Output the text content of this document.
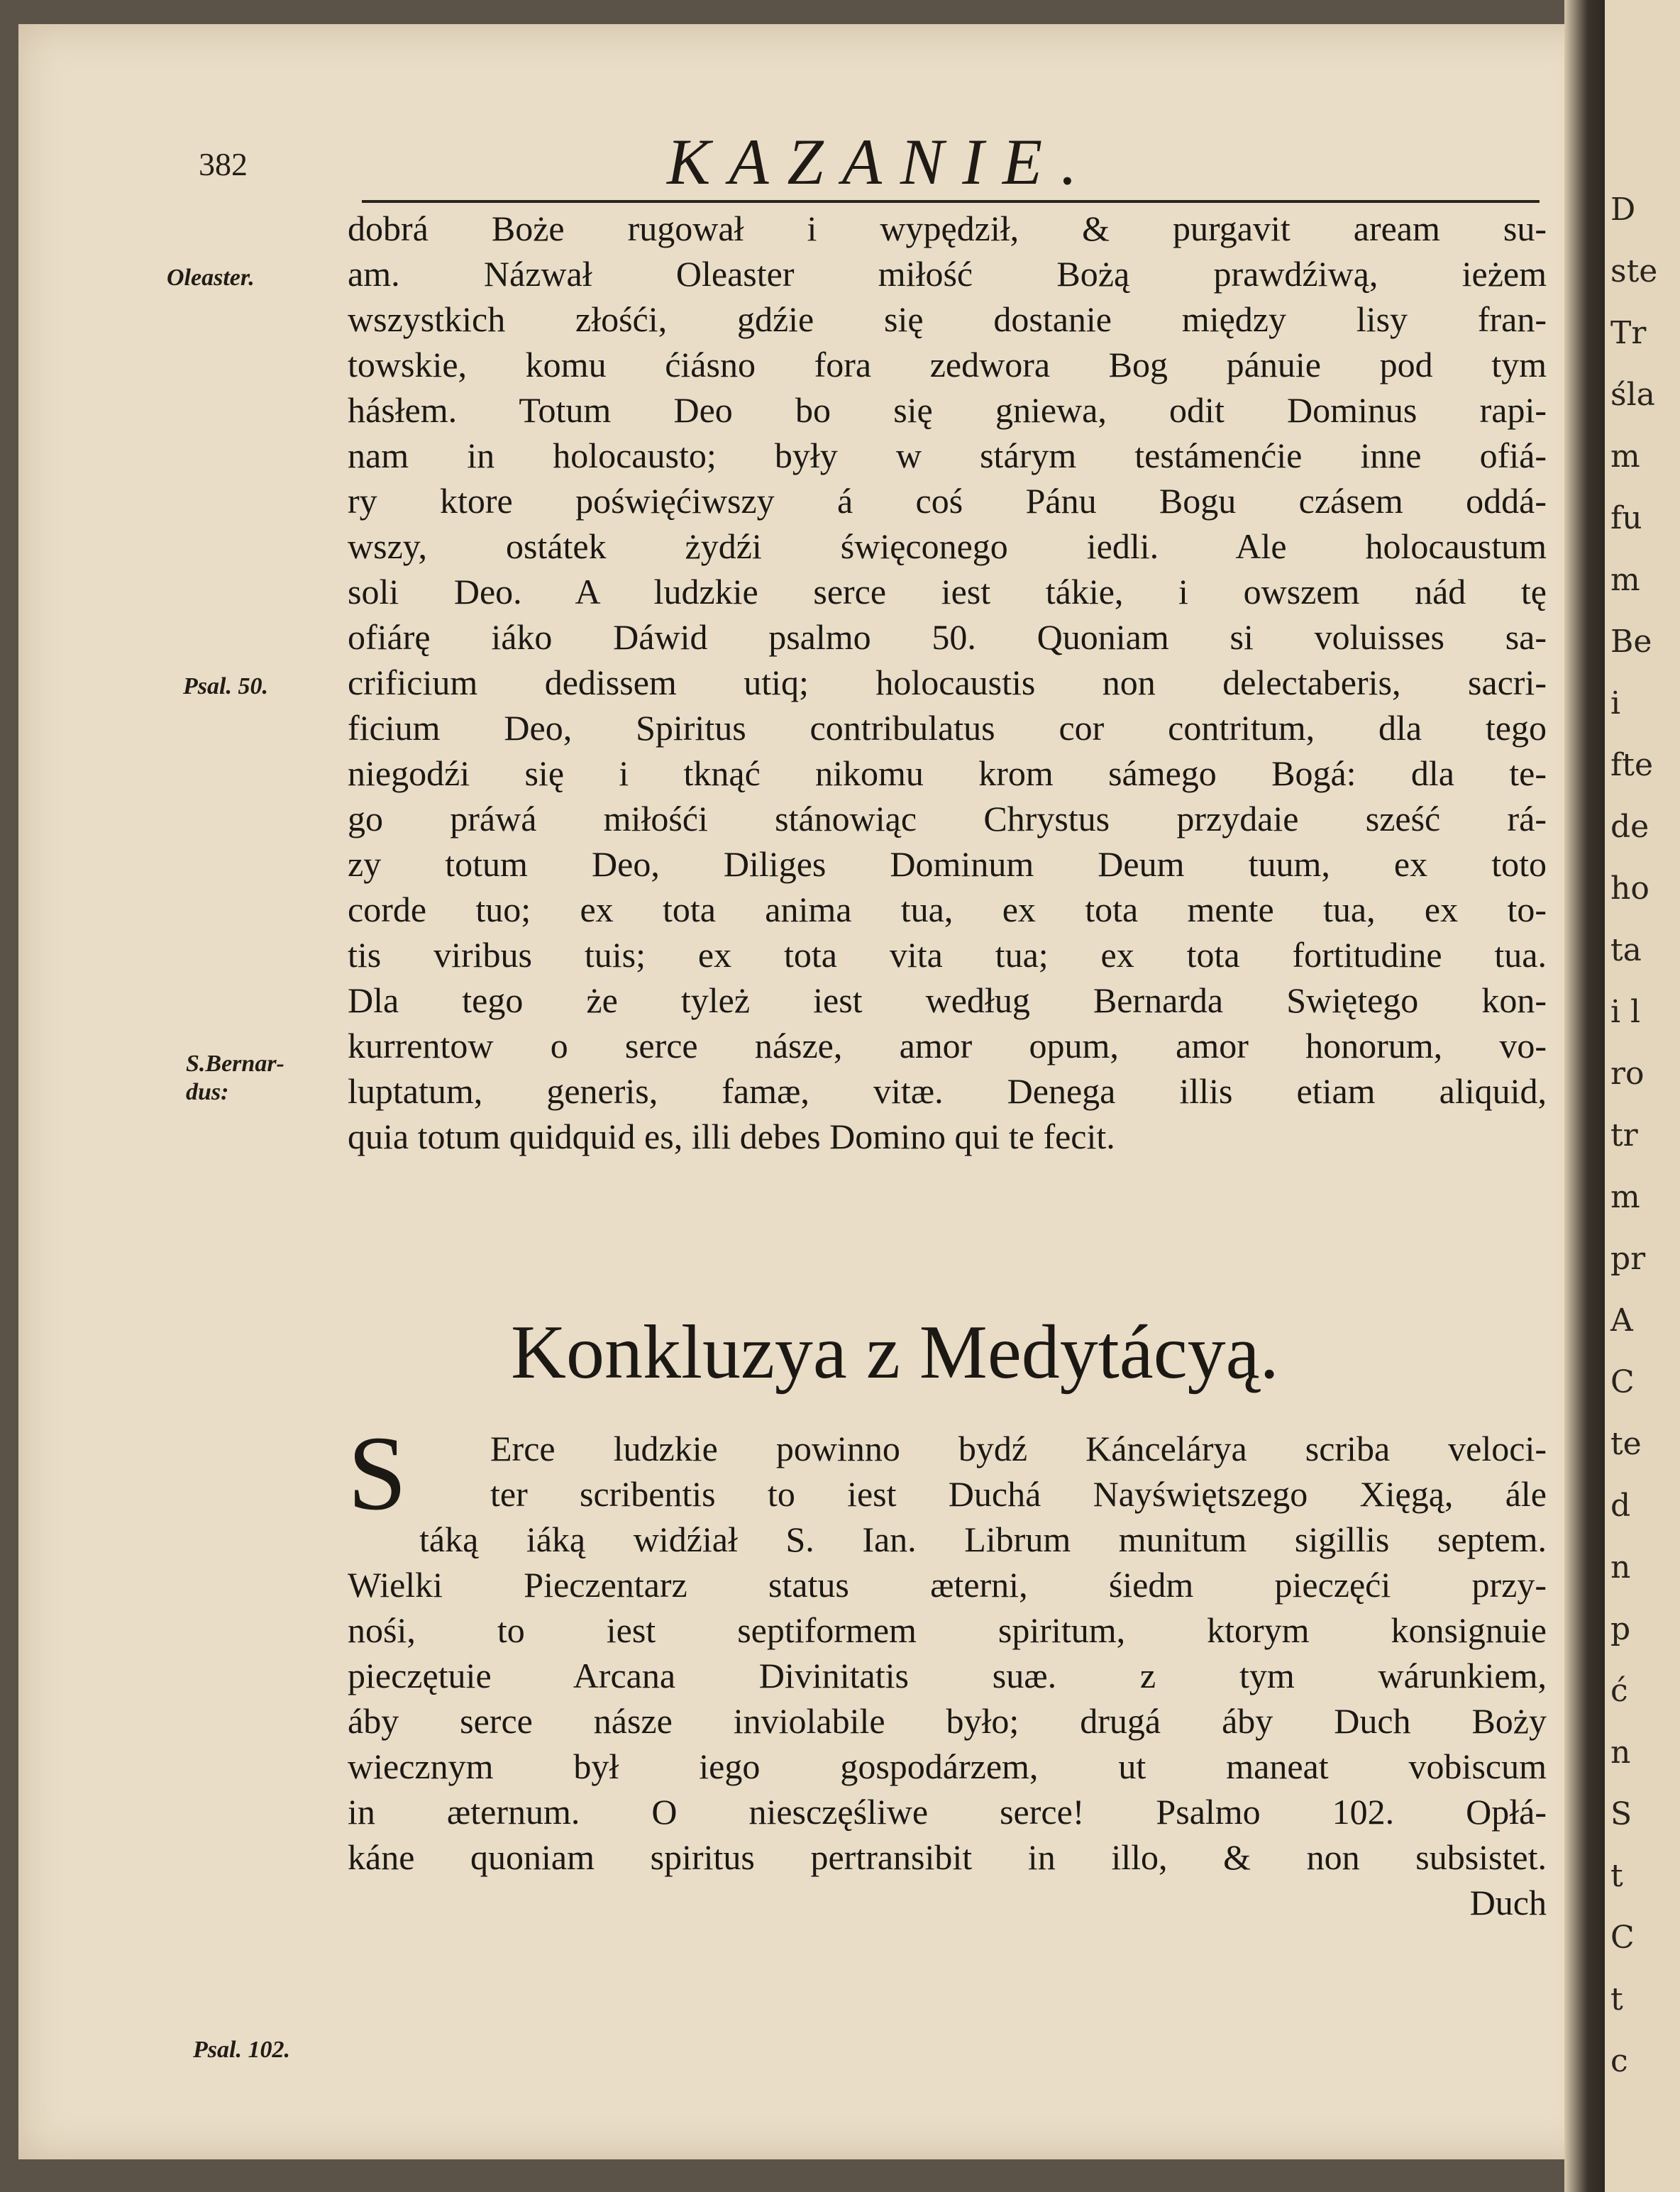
D
ste
Tr
śla
m
fu
m
Be
i
fte
de
ho
ta
i l
ro
tr
m
pr
A
C
te
d
n
p
ć
n
S
t
C
t
c
382	KAZANIE.
Oleaster.
Psal. 50.
S.Bernar- dus:
Psal. 102.
dobrá Boże rugował i wypędził, & purgavit aream su-
am. Názwał Oleaster miłość Bożą prawdźiwą, ieżem
wszystkich złośći, gdźie się dostanie między lisy fran-
towskie, komu ćiásno fora zedwora Bog pánuie pod tym
hásłem. Totum Deo bo się gniewa, odit Dominus rapi-
nam in holocausto; były w stárym testámenćie inne ofiá-
ry ktore poświęćiwszy á coś Pánu Bogu czásem oddá-
wszy, ostátek żydźi święconego iedli. Ale holocaustum
soli Deo. A ludzkie serce iest tákie, i owszem nád tę
ofiárę iáko Dáwid psalmo 50. Quoniam si voluisses sa-
crificium dedissem utiq; holocaustis non delectaberis, sacri-
ficium Deo, Spiritus contribulatus cor contritum, dla tego
niegodźi się i tknąć nikomu krom sámego Bogá: dla te-
go práwá miłośći stánowiąc Chrystus przydaie sześć rá-
zy totum Deo, Diliges Dominum Deum tuum, ex toto
corde tuo; ex tota anima tua, ex tota mente tua, ex to-
tis viribus tuis; ex tota vita tua; ex tota fortitudine tua.
Dla tego że tyleż iest według Bernarda Swiętego kon-
kurrentow o serce násze, amor opum, amor honorum, vo-
luptatum, generis, famæ, vitæ. Denega illis etiam aliquid,
quia totum quidquid es, illi debes Domino qui te fecit.
Konkluzya z Medytácyą.
S	Erce ludzkie powinno bydź Káncelárya scriba veloci-
ter scribentis to iest Duchá Nayświętszego Xięgą, ále
táką iáką widźiał S. Ian. Librum munitum sigillis septem.
Wielki Pieczentarz status æterni, śiedm pieczęći przy-
nośi, to iest septiformem spiritum, ktorym konsignuie
pieczętuie Arcana Divinitatis suæ. z tym wárunkiem,
áby serce násze inviolabile było; drugá áby Duch Boży
wiecznym był iego gospodárzem, ut maneat vobiscum
in æternum. O niesczęśliwe serce! Psalmo 102. Opłá-
káne quoniam spiritus pertransibit in illo, & non subsistet.
Duch
